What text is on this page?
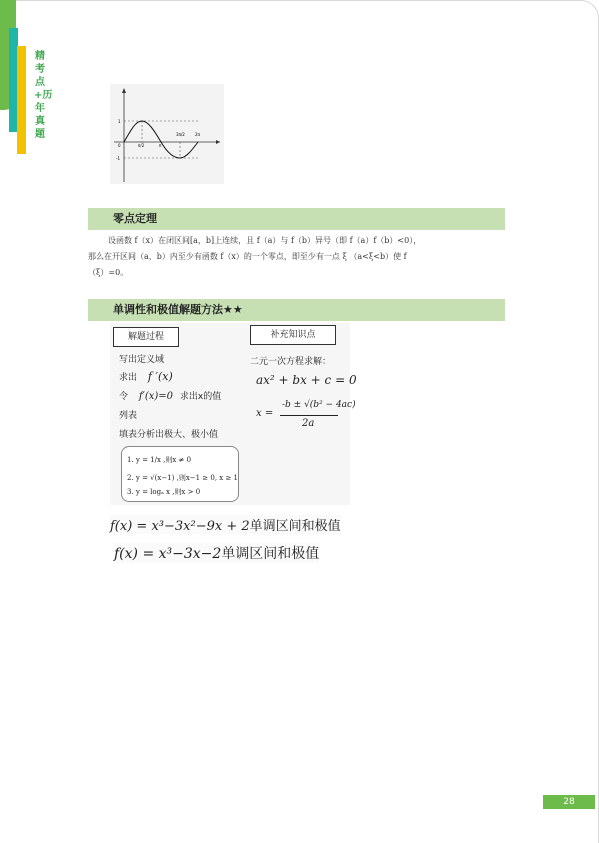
精考点+历年真题
0	π/2	π
3π/2	2π
1
-1
零点定理
设函数 f（x）在闭区间[a，b]上连续，且 f（a）与 f（b）异号（即 f（a）f（b）<0），
那么在开区间（a，b）内至少有函数 f（x）的一个零点，即至少有一点 ξ （a<ξ<b）使 f
（ξ）=0。
单调性和极值解题方法★★
解题过程	补充知识点
写出定义域
求出 f ′(x)
令 f′(x)=0 求出x的值
列表
填表分析出极大、极小值
1. y = 1/x ,则x ≠ 0
2. y = √(x−1) ,则x−1 ≥ 0, x ≥ 1
3. y = logₐ x ,则x > 0
二元一次方程求解：
ax² + bx + c = 0
x =
-b ± √(b² − 4ac)
2a
f(x) = x³−3x²−9x + 2单调区间和极值
f(x) = x³−3x−2单调区间和极值
28
